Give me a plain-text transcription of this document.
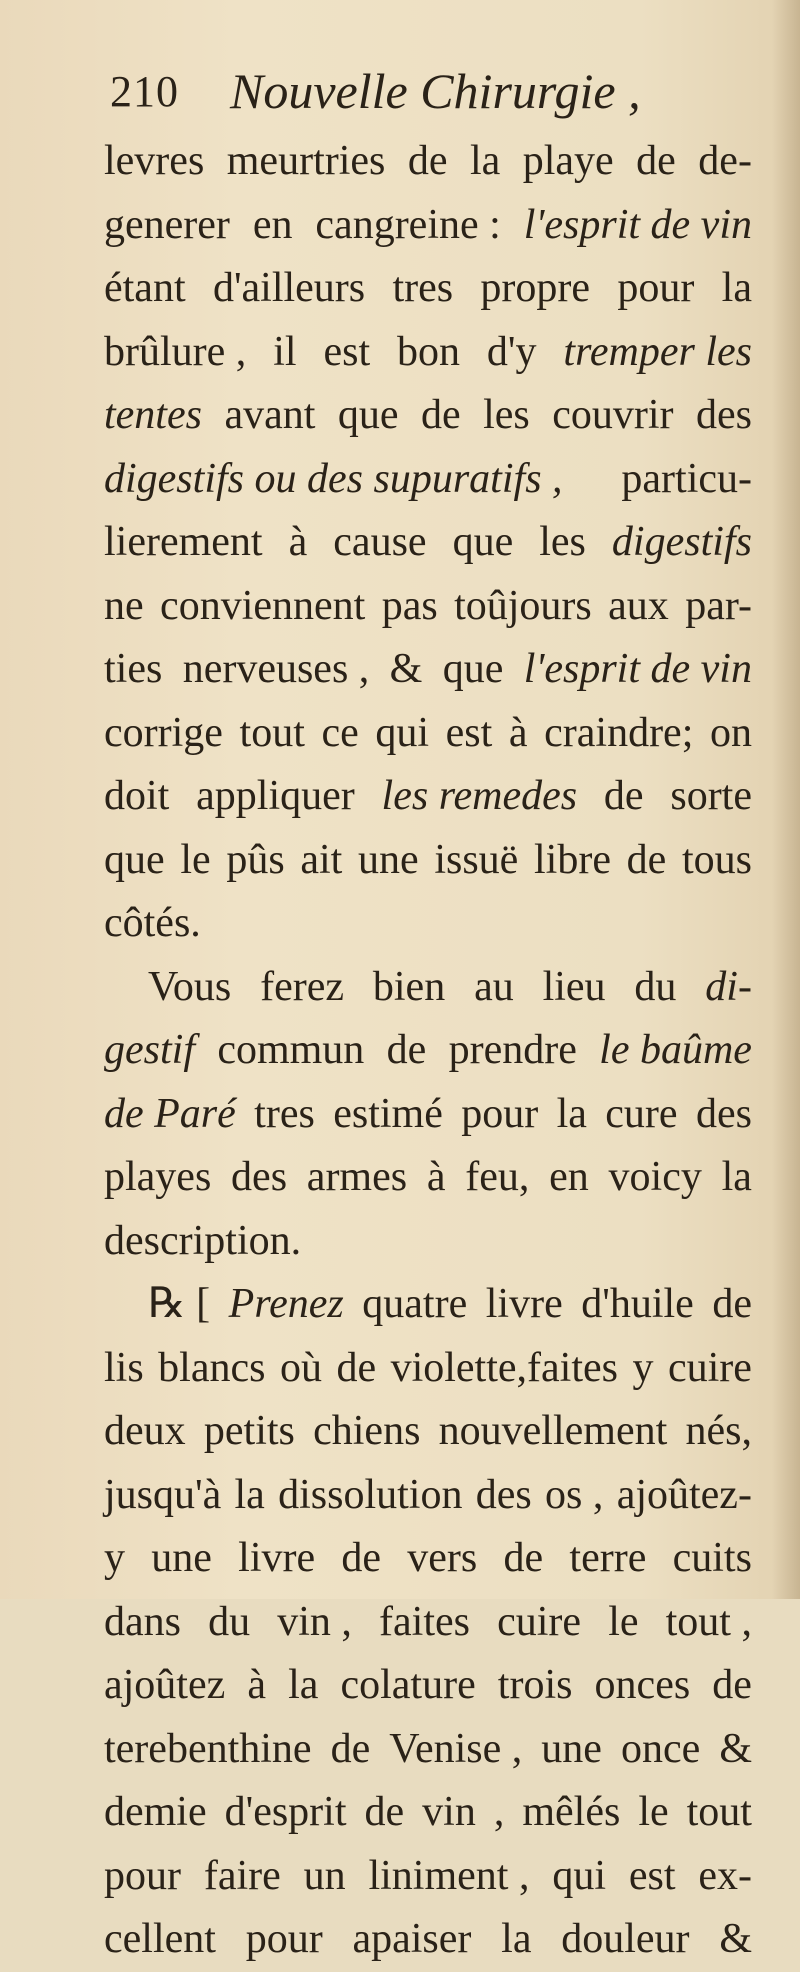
210 Nouvelle Chirurgie ,
levres meurtries de la playe de de-
generer en cangreine : l'esprit de vin
étant d'ailleurs tres propre pour la
brûlure , il est bon d'y tremper les
tentes avant que de les couvrir des
digestifs ou des supuratifs , particu-
lierement à cause que les digestifs
ne conviennent pas toûjours aux par-
ties nerveuses , & que l'esprit de vin
corrige tout ce qui est à craindre; on
doit appliquer les remedes de sorte
que le pûs ait une issuë libre de tous
côtés.
Vous ferez bien au lieu du di-
gestif commun de prendre le baûme
de Paré tres estimé pour la cure des
playes des armes à feu, en voicy la
description.
℞ [ Prenez quatre livre d'huile de
lis blancs où de violette,faites y cuire
deux petits chiens nouvellement nés,
jusqu'à la dissolution des os , ajoûtez-
y une livre de vers de terre cuits
dans du vin , faites cuire le tout ,
ajoûtez à la colature trois onces de
terebenthine de Venise , une once &
demie d'esprit de vin , mêlés le tout
pour faire un liniment , qui est ex-
cellent pour apaiser la douleur &
